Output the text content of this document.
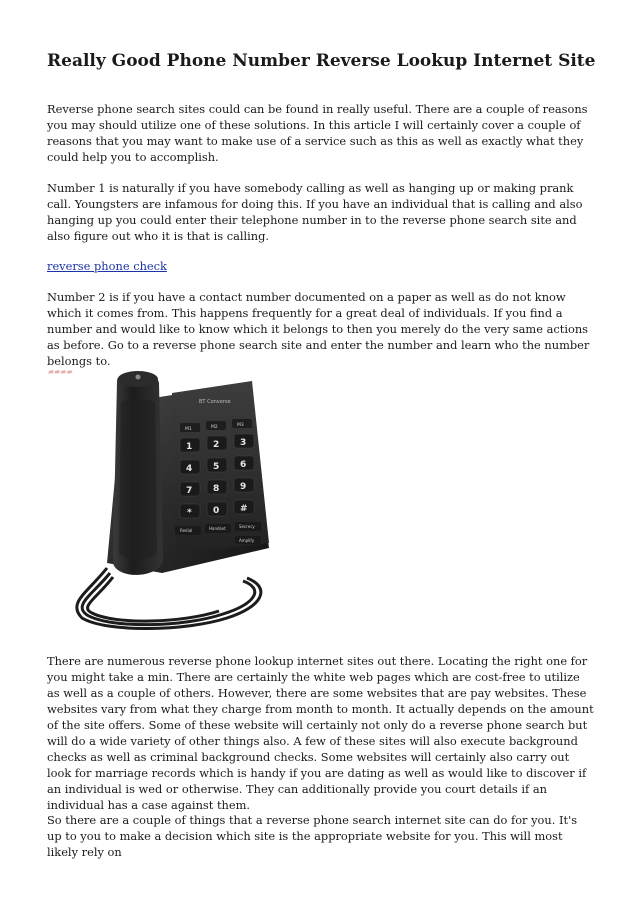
Really Good Phone Number Reverse Lookup Internet Site

Reverse phone search sites could can be found in really useful. There are a couple of reasons you may should utilize one of these solutions. In this article I will certainly cover a couple of reasons that you may want to make use of a service such as this as well as exactly what they could help you to accomplish.

Number 1 is naturally if you have somebody calling as well as hanging up or making prank call. Youngsters are infamous for doing this. If you have an individual that is calling and also hanging up you could enter their telephone number in to the reverse phone search site and also figure out who it is that is calling.

reverse phone check

Number 2 is if you have a contact number documented on a paper as well as do not know which it comes from. This happens frequently for a great deal of individuals. If you find a number and would like to know which it belongs to then you merely do the very same actions as before. Go to a reverse phone search site and enter the number and learn who the number belongs to.

BT Converse
M1	M2	M3
1 2 3
4 5 6
7 8 9
* 0 #
Redial	Handset	Secrecy
Amplify
▰▰▰▰

There are numerous reverse phone lookup internet sites out there. Locating the right one for you might take a min. There are certainly the white web pages which are cost-free to utilize as well as a couple of others. However, there are some websites that are pay websites. These websites vary from what they charge from month to month. It actually depends on the amount of the site offers. Some of these website will certainly not only do a reverse phone search but will do a wide variety of other things also. A few of these sites will also execute background checks as well as criminal background checks. Some websites will certainly also carry out look for marriage records which is handy if you are dating as well as would like to discover if an individual is wed or otherwise. They can additionally provide you court details if an individual has a case against them.

So there are a couple of things that a reverse phone search internet site can do for you. It's up to you to make a decision which site is the appropriate website for you. This will most likely rely on
